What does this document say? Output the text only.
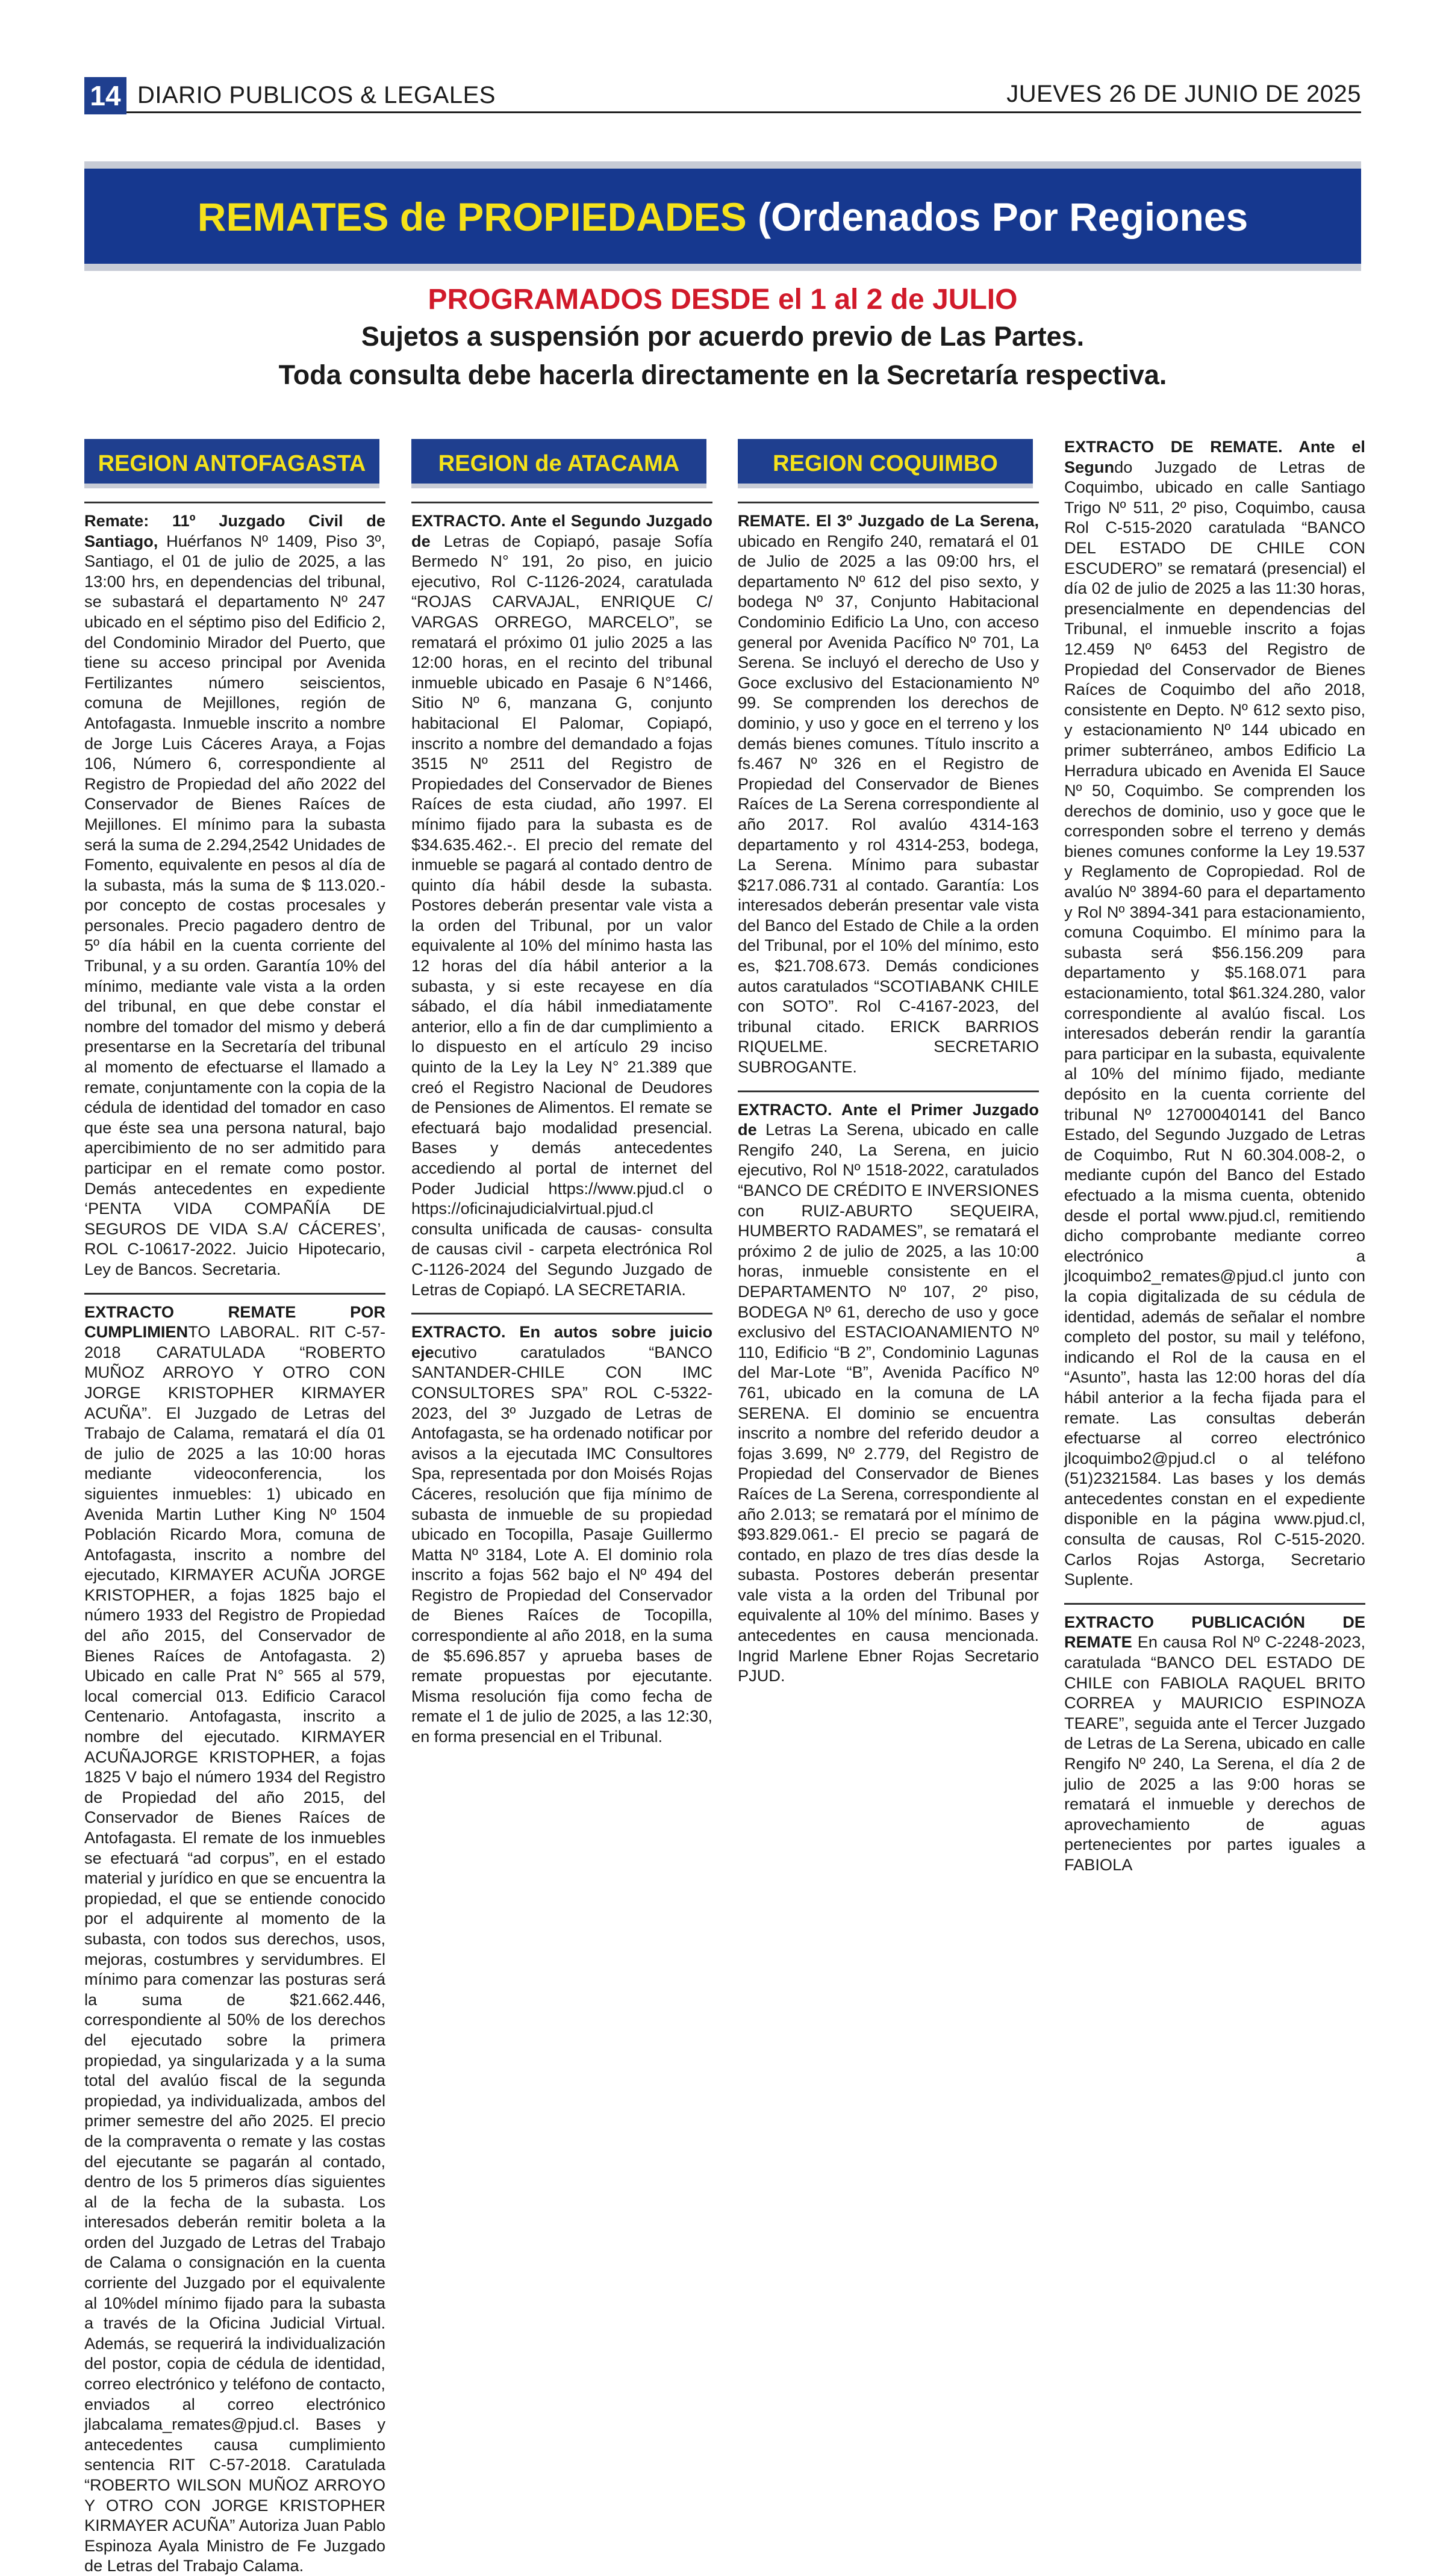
14 DIARIO PUBLICOS & LEGALES	JUEVES 26 DE JUNIO DE 2025
REMATES de PROPIEDADES (Ordenados Por Regiones
PROGRAMADOS DESDE el 1 al 2 de JULIO
Sujetos a suspensión por acuerdo previo de Las Partes.
Toda consulta debe hacerla directamente en la Secretaría respectiva.
REGION ANTOFAGASTA

Remate: 11º Juzgado Civil de Santiago, Huérfanos Nº 1409, Piso 3º, Santiago, el 01 de julio de 2025, a las 13:00 hrs, en dependencias del tribunal, se subastará el departamento Nº 247 ubicado en el séptimo piso del Edificio 2, del Condominio Mirador del Puerto, que tiene su acceso principal por Avenida Fertilizantes número seiscientos, comuna de Mejillones, región de Antofagasta. Inmueble inscrito a nombre de Jorge Luis Cáceres Araya, a Fojas 106, Número 6, correspondiente al Registro de Propiedad del año 2022 del Conservador de Bienes Raíces de Mejillones. El mínimo para la subasta será la suma de 2.294,2542 Unidades de Fomento, equivalente en pesos al día de la subasta, más la suma de $ 113.020.- por concepto de costas procesales y personales. Precio pagadero dentro de 5º día hábil en la cuenta corriente del Tribunal, y a su orden. Garantía 10% del mínimo, mediante vale vista a la orden del tribunal, en que debe constar el nombre del tomador del mismo y deberá presentarse en la Secretaría del tribunal al momento de efectuarse el llamado a remate, conjuntamente con la copia de la cédula de identidad del tomador en caso que éste sea una persona natural, bajo apercibimiento de no ser admitido para participar en el remate como postor. Demás antecedentes en expediente ‘PENTA VIDA COMPAÑÍA DE SEGUROS DE VIDA S.A/ CÁCERES’, ROL C-10617-2022. Juicio Hipotecario, Ley de Bancos. Secretaria.

EXTRACTO REMATE POR CUMPLIMIENTO LABORAL. RIT C-57-2018 CARATULADA “ROBERTO MUÑOZ ARROYO Y OTRO CON JORGE KRISTOPHER KIRMAYER ACUÑA”. El Juzgado de Letras del Trabajo de Calama, rematará el día 01 de julio de 2025 a las 10:00 horas mediante videoconferencia, los siguientes inmuebles: 1) ubicado en Avenida Martin Luther King Nº 1504 Población Ricardo Mora, comuna de Antofagasta, inscrito a nombre del ejecutado, KIRMAYER ACUÑA JORGE KRISTOPHER, a fojas 1825 bajo el número 1933 del Registro de Propiedad del año 2015, del Conservador de Bienes Raíces de Antofagasta. 2) Ubicado en calle Prat N° 565 al 579, local comercial 013. Edificio Caracol Centenario. Antofagasta, inscrito a nombre del ejecutado. KIRMAYER ACUÑAJORGE KRISTOPHER, a fojas 1825 V bajo el número 1934 del Registro de Propiedad del año 2015, del Conservador de Bienes Raíces de Antofagasta. El remate de los inmuebles se efectuará “ad corpus”, en el estado material y jurídico en que se encuentra la propiedad, el que se entiende conocido por el adquirente al momento de la subasta, con todos sus derechos, usos, mejoras, costumbres y servidumbres. El mínimo para comenzar las posturas será la suma de $21.662.446, correspondiente al 50% de los derechos del ejecutado sobre la primera propiedad, ya singularizada y a la suma total del avalúo fiscal de la segunda propiedad, ya individualizada, ambos del primer semestre del año 2025. El precio de la compraventa o remate y las costas del ejecutante se pagarán al contado, dentro de los 5 primeros días siguientes al de la fecha de la subasta. Los interesados deberán remitir boleta a la orden del Juzgado de Letras del Trabajo de Calama o consignación en la cuenta corriente del Juzgado por el equivalente al 10%del mínimo fijado para la subasta a través de la Oficina Judicial Virtual. Además, se requerirá la individualización del postor, copia de cédula de identidad, correo electrónico y teléfono de contacto, enviados al correo electrónico jlabcalama_remates@pjud.cl. Bases y antecedentes causa cumplimiento sentencia RIT C-57-2018. Caratulada “ROBERTO WILSON MUÑOZ ARROYO Y OTRO CON JORGE KRISTOPHER KIRMAYER ACUÑA” Autoriza Juan Pablo Espinoza Ayala Ministro de Fe Juzgado de Letras del Trabajo Calama.

REGION de ATACAMA

EXTRACTO. Ante el Segundo Juzgado de Letras de Copiapó, pasaje Sofía Bermedo N° 191, 2o piso, en juicio ejecutivo, Rol C-1126-2024, caratulada “ROJAS CARVAJAL, ENRIQUE C/ VARGAS ORREGO, MARCELO”, se rematará el próximo 01 julio 2025 a las 12:00 horas, en el recinto del tribunal inmueble ubicado en Pasaje 6 N°1466, Sitio Nº 6, manzana G, conjunto habitacional El Palomar, Copiapó, inscrito a nombre del demandado a fojas 3515 Nº 2511 del Registro de Propiedades del Conservador de Bienes Raíces de esta ciudad, año 1997. El mínimo fijado para la subasta es de $34.635.462.-. El precio del remate del inmueble se pagará al contado dentro de quinto día hábil desde la subasta. Postores deberán presentar vale vista a la orden del Tribunal, por un valor equivalente al 10% del mínimo hasta las 12 horas del día hábil anterior a la subasta, y si este recayese en día sábado, el día hábil inmediatamente anterior, ello a fin de dar cumplimiento a lo dispuesto en el artículo 29 inciso quinto de la Ley la Ley N° 21.389 que creó el Registro Nacional de Deudores de Pensiones de Alimentos. El remate se efectuará bajo modalidad presencial. Bases y demás antecedentes accediendo al portal de internet del Poder Judicial https://www.pjud.cl o https://oficinajudicialvirtual.pjud.cl consulta unificada de causas- consulta de causas civil - carpeta electrónica Rol C-1126-2024 del Segundo Juzgado de Letras de Copiapó. LA SECRETARIA.

EXTRACTO. En autos sobre juicio ejecutivo caratulados “BANCO SANTANDER-CHILE CON IMC CONSULTORES SPA” ROL C-5322-2023, del 3º Juzgado de Letras de Antofagasta, se ha ordenado notificar por avisos a la ejecutada IMC Consultores Spa, representada por don Moisés Rojas Cáceres, resolución que fija mínimo de subasta de inmueble de su propiedad ubicado en Tocopilla, Pasaje Guillermo Matta Nº 3184, Lote A. El dominio rola inscrito a fojas 562 bajo el Nº 494 del Registro de Propiedad del Conservador de Bienes Raíces de Tocopilla, correspondiente al año 2018, en la suma de $5.696.857 y aprueba bases de remate propuestas por ejecutante. Misma resolución fija como fecha de remate el 1 de julio de 2025, a las 12:30, en forma presencial en el Tribunal.

REGION COQUIMBO

REMATE. El 3º Juzgado de La Serena, ubicado en Rengifo 240, rematará el 01 de Julio de 2025 a las 09:00 hrs, el departamento Nº 612 del piso sexto, y bodega Nº 37, Conjunto Habitacional Condominio Edificio La Uno, con acceso general por Avenida Pacífico Nº 701, La Serena. Se incluyó el derecho de Uso y Goce exclusivo del Estacionamiento Nº 99. Se comprenden los derechos de dominio, y uso y goce en el terreno y los demás bienes comunes. Título inscrito a fs.467 Nº 326 en el Registro de Propiedad del Conservador de Bienes Raíces de La Serena correspondiente al año 2017. Rol avalúo 4314-163 departamento y rol 4314-253, bodega, La Serena. Mínimo para subastar $217.086.731 al contado. Garantía: Los interesados deberán presentar vale vista del Banco del Estado de Chile a la orden del Tribunal, por el 10% del mínimo, esto es, $21.708.673. Demás condiciones autos caratulados “SCOTIABANK CHILE con SOTO”. Rol C-4167-2023, del tribunal citado. ERICK BARRIOS RIQUELME. SECRETARIO SUBROGANTE.

EXTRACTO. Ante el Primer Juzgado de Letras La Serena, ubicado en calle Rengifo 240, La Serena, en juicio ejecutivo, Rol Nº 1518-2022, caratulados “BANCO DE CRÉDITO E INVERSIONES con RUIZ-ABURTO SEQUEIRA, HUMBERTO RADAMES”, se rematará el próximo 2 de julio de 2025, a las 10:00 horas, inmueble consistente en el DEPARTAMENTO Nº 107, 2º piso, BODEGA Nº 61, derecho de uso y goce exclusivo del ESTACIOANAMIENTO Nº 110, Edificio “B 2”, Condominio Lagunas del Mar-Lote “B”, Avenida Pacífico Nº 761, ubicado en la comuna de LA SERENA. El dominio se encuentra inscrito a nombre del referido deudor a fojas 3.699, Nº 2.779, del Registro de Propiedad del Conservador de Bienes Raíces de La Serena, correspondiente al año 2.013; se rematará por el mínimo de $93.829.061.- El precio se pagará de contado, en plazo de tres días desde la subasta. Postores deberán presentar vale vista a la orden del Tribunal por equivalente al 10% del mínimo. Bases y antecedentes en causa mencionada. Ingrid Marlene Ebner Rojas Secretario PJUD.

EXTRACTO DE REMATE. Ante el Segundo Juzgado de Letras de Coquimbo, ubicado en calle Santiago Trigo Nº 511, 2º piso, Coquimbo, causa Rol C-515-2020 caratulada “BANCO DEL ESTADO DE CHILE CON ESCUDERO” se rematará (presencial) el día 02 de julio de 2025 a las 11:30 horas, presencialmente en dependencias del Tribunal, el inmueble inscrito a fojas 12.459 Nº 6453 del Registro de Propiedad del Conservador de Bienes Raíces de Coquimbo del año 2018, consistente en Depto. Nº 612 sexto piso, y estacionamiento Nº 144 ubicado en primer subterráneo, ambos Edificio La Herradura ubicado en Avenida El Sauce Nº 50, Coquimbo. Se comprenden los derechos de dominio, uso y goce que le corresponden sobre el terreno y demás bienes comunes conforme la Ley 19.537 y Reglamento de Copropiedad. Rol de avalúo Nº 3894-60 para el departamento y Rol Nº 3894-341 para estacionamiento, comuna Coquimbo. El mínimo para la subasta será $56.156.209 para departamento y $5.168.071 para estacionamiento, total $61.324.280, valor correspondiente al avalúo fiscal. Los interesados deberán rendir la garantía para participar en la subasta, equivalente al 10% del mínimo fijado, mediante depósito en la cuenta corriente del tribunal Nº 12700040141 del Banco Estado, del Segundo Juzgado de Letras de Coquimbo, Rut N 60.304.008-2, o mediante cupón del Banco del Estado efectuado a la misma cuenta, obtenido desde el portal www.pjud.cl, remitiendo dicho comprobante mediante correo electrónico a jlcoquimbo2_remates@pjud.cl junto con la copia digitalizada de su cédula de identidad, además de señalar el nombre completo del postor, su mail y teléfono, indicando el Rol de la causa en el “Asunto”, hasta las 12:00 horas del día hábil anterior a la fecha fijada para el remate. Las consultas deberán efectuarse al correo electrónico jlcoquimbo2@pjud.cl o al teléfono (51)2321584. Las bases y los demás antecedentes constan en el expediente disponible en la página www.pjud.cl, consulta de causas, Rol C-515-2020. Carlos Rojas Astorga, Secretario Suplente.

EXTRACTO PUBLICACIÓN DE REMATE En causa Rol Nº C-2248-2023, caratulada “BANCO DEL ESTADO DE CHILE con FABIOLA RAQUEL BRITO CORREA y MAURICIO ESPINOZA TEARE”, seguida ante el Tercer Juzgado de Letras de La Serena, ubicado en calle Rengifo Nº 240, La Serena, el día 2 de julio de 2025 a las 9:00 horas se rematará el inmueble y derechos de aprovechamiento de aguas pertenecientes por partes iguales a FABIOLA
